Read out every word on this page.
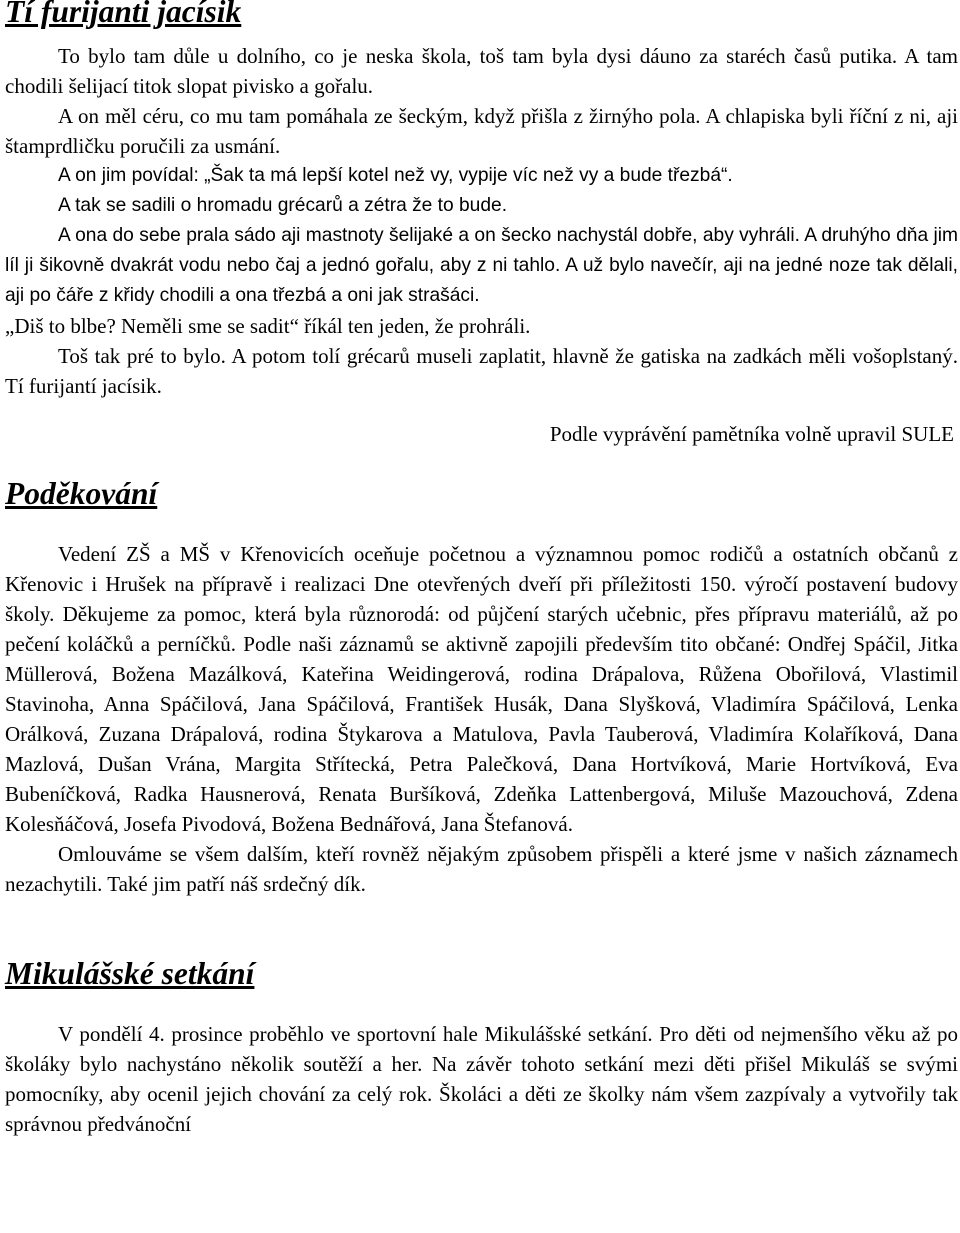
Tí furijanti jacísik

To bylo tam důle u dolního, co je neska škola, toš tam byla dysi dáuno za staréch časů putika. A tam chodili šelijací titok slopat pivisko a gořalu.

A on měl céru, co mu tam pomáhala ze šeckým, když přišla z žirnýho pola. A chlapiska byli říční z ni, aji štamprdličku poručili za usmání.

A on jim povídal: „Šak ta má lepší kotel než vy, vypije víc než vy a bude třezbá“.

A tak se sadili o hromadu grécarů a zétra že to bude.

A ona do sebe prala sádo aji mastnoty šelijaké a on šecko nachystál dobře, aby vyhráli. A druhýho dňa jim líl ji šikovně dvakrát vodu nebo čaj a jednó gořalu, aby z ni tahlo. A už bylo navečír, aji na jedné noze tak dělali, aji po čáře z křidy chodili a ona třezbá a oni jak strašáci.

„Diš to blbe? Neměli sme se sadit“ říkál ten jeden, že prohráli.

Toš tak pré to bylo. A potom tolí grécarů museli zaplatit, hlavně že gatiska na zadkách měli vošoplstaný. Tí furijantí jacísik.

Podle vyprávění pamětníka volně upravil SULE

Poděkování

Vedení ZŠ a MŠ v Křenovicích oceňuje početnou a významnou pomoc rodičů a ostatních občanů z Křenovic i Hrušek na přípravě i realizaci Dne otevřených dveří při příležitosti 150. výročí postavení budovy školy. Děkujeme za pomoc, která byla různorodá: od půjčení starých učebnic, přes přípravu materiálů, až po pečení koláčků a perníčků. Podle naši záznamů se aktivně zapojili především tito občané: Ondřej Spáčil, Jitka Müllerová, Božena Mazálková, Kateřina Weidingerová, rodina Drápalova, Růžena Obořilová, Vlastimil Stavinoha, Anna Spáčilová, Jana Spáčilová, František Husák, Dana Slyšková, Vladimíra Spáčilová, Lenka Orálková, Zuzana Drápalová, rodina Štykarova a Matulova, Pavla Tauberová, Vladimíra Kolaříková, Dana Mazlová, Dušan Vrána, Margita Střítecká, Petra Palečková, Dana Hortvíková, Marie Hortvíková, Eva Bubeníčková, Radka Hausnerová, Renata Buršíková, Zdeňka Lattenbergová, Miluše Mazouchová, Zdena Kolesňáčová, Josefa Pivodová, Božena Bednářová, Jana Štefanová.

Omlouváme se všem dalším, kteří rovněž nějakým způsobem přispěli a které jsme v našich záznamech nezachytili. Také jim patří náš srdečný dík.

Mikulášské setkání

V pondělí 4. prosince proběhlo ve sportovní hale Mikulášské setkání. Pro děti od nejmenšího věku až po školáky bylo nachystáno několik soutěží a her. Na závěr tohoto setkání mezi děti přišel Mikuláš se svými pomocníky, aby ocenil jejich chování za celý rok. Školáci a děti ze školky nám všem zazpívaly a vytvořily tak správnou předvánoční
